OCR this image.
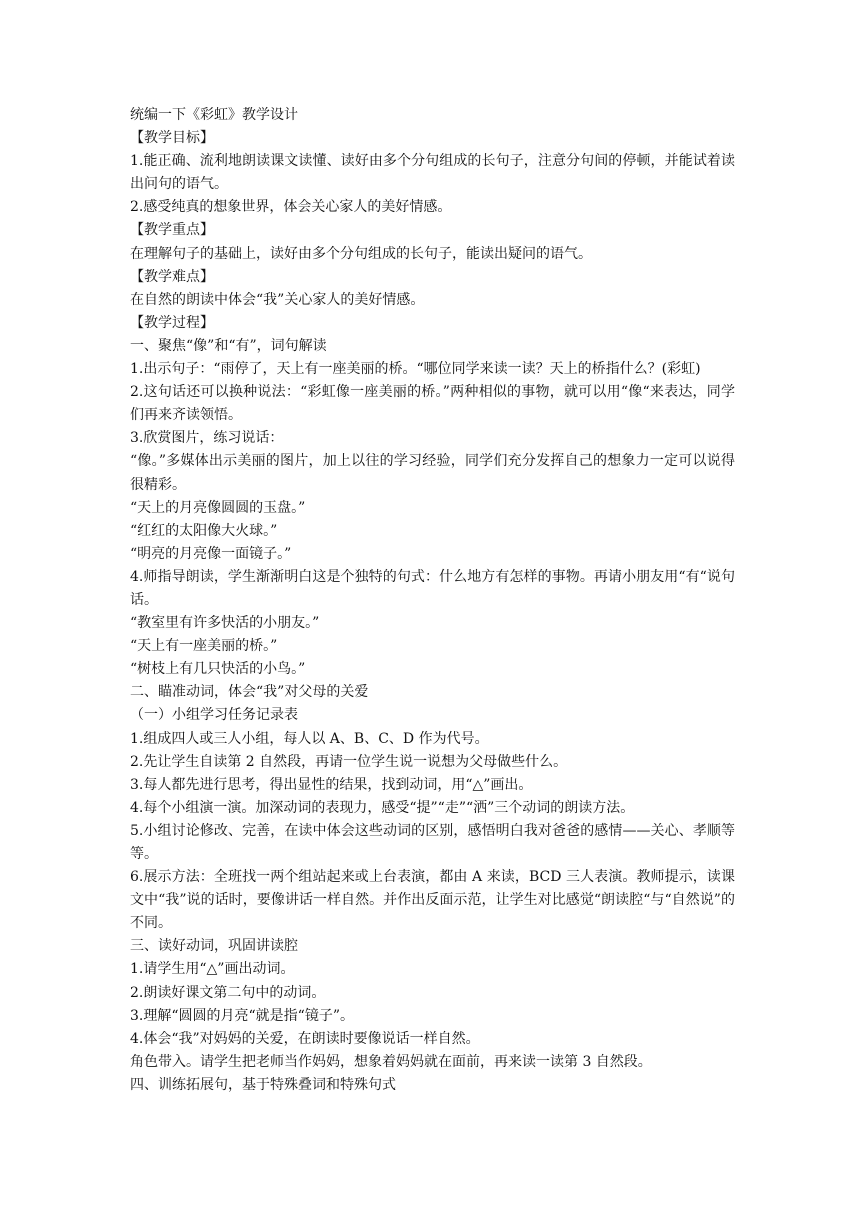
统编一下《彩虹》教学设计

【教学目标】

1.能正确、流利地朗读课文读懂、读好由多个分句组成的长句子，注意分句间的停顿，并能试着读出问句的语气。

2.感受纯真的想象世界，体会关心家人的美好情感。

【教学重点】

在理解句子的基础上，读好由多个分句组成的长句子，能读出疑问的语气。

【教学难点】

在自然的朗读中体会“我”关心家人的美好情感。

【教学过程】

一、聚焦“像”和“有”，词句解读

1.出示句子：“雨停了，天上有一座美丽的桥。“哪位同学来读一读？天上的桥指什么？(彩虹)

2.这句话还可以换种说法：“彩虹像一座美丽的桥。”两种相似的事物，就可以用“像“来表达，同学们再来齐读领悟。

3.欣赏图片，练习说话：

“像。”多媒体出示美丽的图片，加上以往的学习经验，同学们充分发挥自己的想象力一定可以说得很精彩。

“天上的月亮像圆圆的玉盘。”

“红红的太阳像大火球。”

“明亮的月亮像一面镜子。”

4.师指导朗读，学生渐渐明白这是个独特的句式：什么地方有怎样的事物。再请小朋友用“有“说句话。

“教室里有许多快活的小朋友。”

“天上有一座美丽的桥。”

“树枝上有几只快活的小鸟。”

二、瞄准动词，体会“我”对父母的关爱

（一）小组学习任务记录表

1.组成四人或三人小组，每人以 A、B、C、D 作为代号。

2.先让学生自读第 2 自然段，再请一位学生说一说想为父母做些什么。

3.每人都先进行思考，得出显性的结果，找到动词，用“△”画出。

4.每个小组演一演。加深动词的表现力，感受“提”“走”“洒”三个动词的朗读方法。

5.小组讨论修改、完善，在读中体会这些动词的区别，感悟明白我对爸爸的感情——关心、孝顺等等。

6.展示方法：全班找一两个组站起来或上台表演，都由 A 来读，BCD 三人表演。教师提示，读课文中“我”说的话时，要像讲话一样自然。并作出反面示范，让学生对比感觉“朗读腔“与“自然说”的不同。

三、读好动词，巩固讲读腔

1.请学生用“△”画出动词。

2.朗读好课文第二句中的动词。

3.理解“圆圆的月亮“就是指“镜子”。

4.体会“我”对妈妈的关爱，在朗读时要像说话一样自然。

角色带入。请学生把老师当作妈妈，想象着妈妈就在面前，再来读一读第 3 自然段。

四、训练拓展句，基于特殊叠词和特殊句式
